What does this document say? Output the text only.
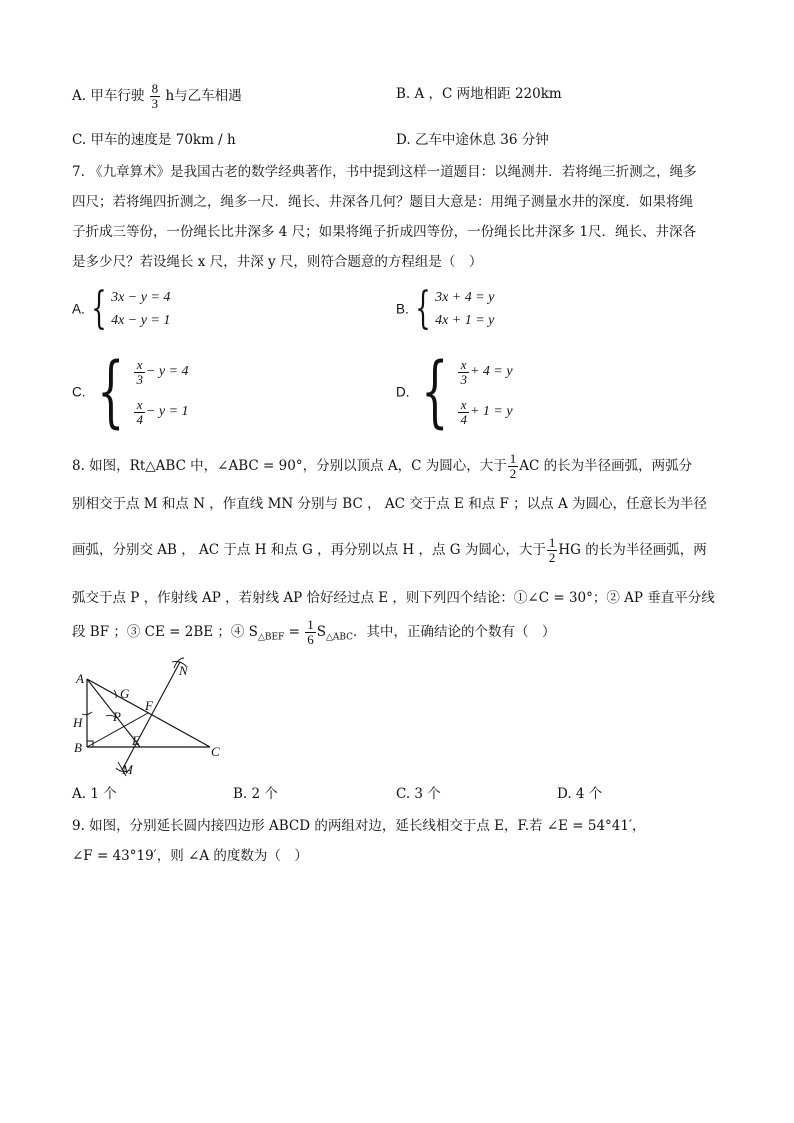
A. 甲车行驶 $\frac{8}{3}$ h与乙车相遇	B. A ，C 两地相距 220km
C. 甲车的速度是 70km / h	D. 乙车中途休息 36 分钟
7. 《九章算术》是我国古老的数学经典著作，书中提到这样一道题目：以绳测井．若将绳三折测之，绳多
四尺；若将绳四折测之，绳多一尺．绳长、井深各几何？题目大意是：用绳子测量水井的深度．如果将绳
子折成三等份，一份绳长比井深多 4 尺；如果将绳子折成四等份，一份绳长比井深多 1尺．绳长、井深各
是多少尺？若设绳长 x 尺，井深 y 尺，则符合题意的方程组是（　）
A. { 3x − y = 4
4x − y = 1
B. { 3x + 4 = y
4x + 1 = y
C. { $\frac{x}{3} - y = 4$
$\frac{x}{4} - y = 1$
D. { $\frac{x}{3} + 4 = y$
$\frac{x}{4} + 1 = y$
8. 如图，Rt△ABC 中，∠ABC = 90°，分别以顶点 A，C 为圆心，大于 $\frac{1}{2}$ AC 的长为半径画弧，两弧分
别相交于点 M 和点 N ，作直线 MN 分别与 BC ， AC 交于点 E 和点 F ；以点 A 为圆心，任意长为半径
画弧，分别交 AB ， AC 于点 H 和点 G ，再分别以点 H ，点 G 为圆心，大于 $\frac{1}{2}$ HG 的长为半径画弧，两
弧交于点 P ，作射线 AP ，若射线 AP 恰好经过点 E ，则下列四个结论：①∠C = 30°；② AP 垂直平分线
段 BF ；③ CE = 2BE ；④ $S_{\triangle BEF} = \frac{1}{6} S_{\triangle ABC}$．其中，正确结论的个数有（　）
A
B	C
E
F
G
H
M
N
P
A. 1 个	B. 2 个	C. 3 个	D. 4 个
9. 如图，分别延长圆内接四边形 ABCD 的两组对边，延长线相交于点 E，F.若 ∠E = 54°41′，
∠F = 43°19′，则 ∠A 的度数为（　）
